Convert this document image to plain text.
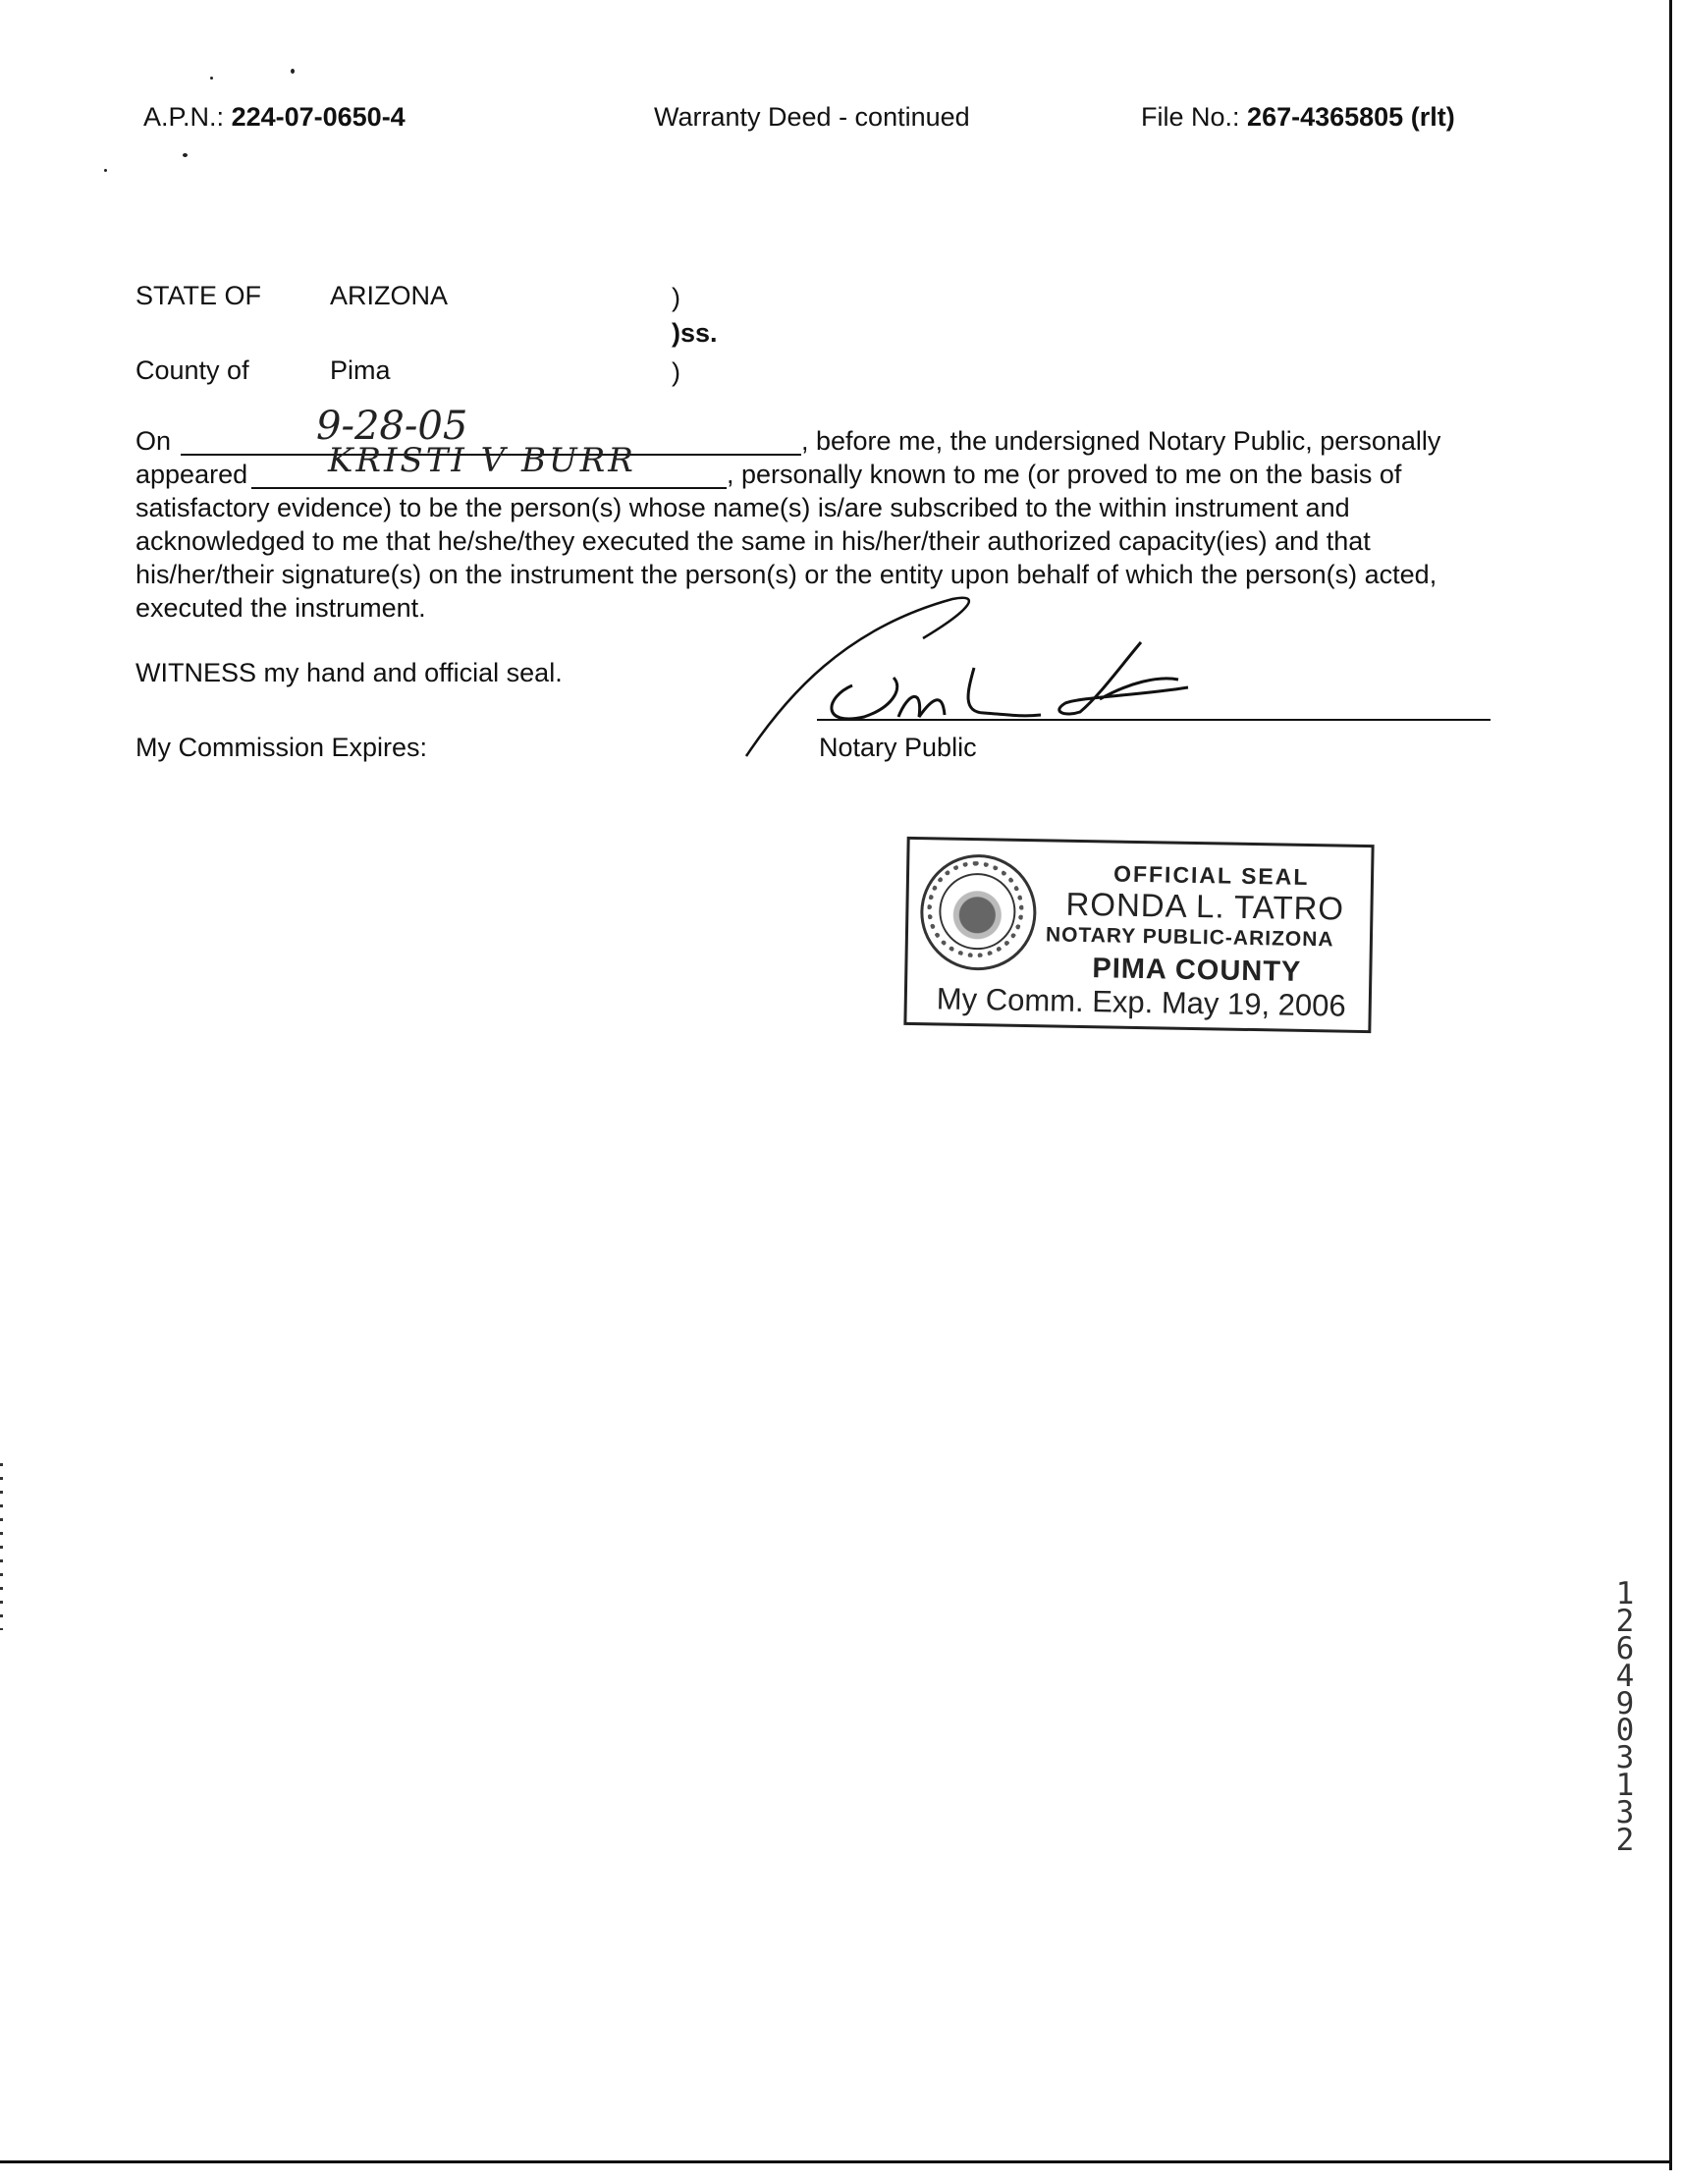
A.P.N.: 224-07-0650-4	Warranty Deed - continued	File No.: 267-4365805 (rlt)
STATE OF	ARIZONA	)
)ss.
County of	Pima	)
On	9-28-05	, before me, the undersigned Notary Public, personally
appeared KRISTI V BURR	, personally known to me (or proved to me on the basis of
satisfactory evidence) to be the person(s) whose name(s) is/are subscribed to the within instrument and
acknowledged to me that he/she/they executed the same in his/her/their authorized capacity(ies) and that
his/her/their signature(s) on the instrument the person(s) or the entity upon behalf of which the person(s) acted,
executed the instrument.
WITNESS my hand and official seal.
My Commission Expires:	Notary Public
OFFICIAL SEAL
RONDA L. TATRO
NOTARY PUBLIC-ARIZONA
PIMA COUNTY
My Comm. Exp. May 19, 2006
12649 03132
